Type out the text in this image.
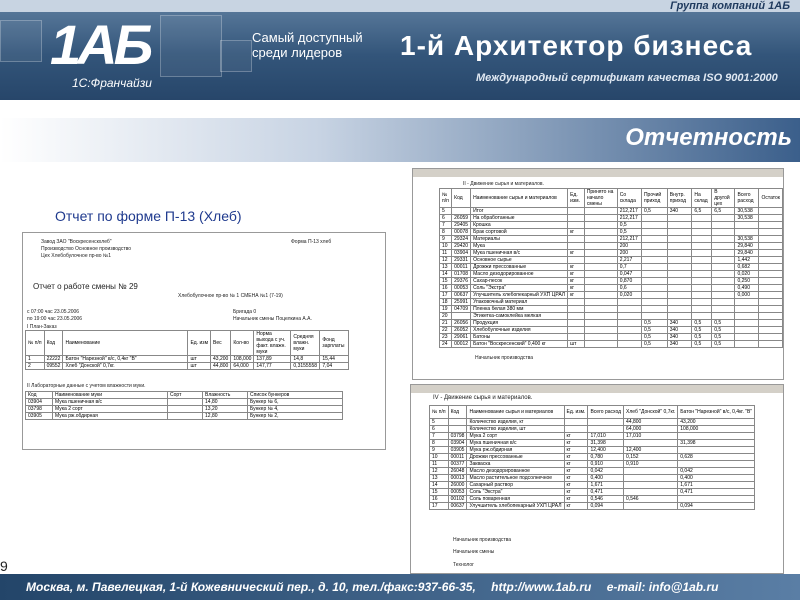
Группа компаний 1АБ
1АБ
1С:Франчайзи
Самый доступный
среди лидеров	1-й Архитектор бизнеса
Международный сертификат качества ISO 9001:2000
Отчетность
Отчет по форме П-13 (Хлеб)
Завод ЗАО "Воскресенскхлеб"
Производство Основное производство
Цех Хлебобулочное пр-во №1
Форма П-13 хлеб
Отчет о работе смены № 29
Хлебобулочное пр-во № 1 СМЕНА №1 (7-19)
с 07:00 час 23.05.2006
по 19:00 час 23.05.2006
Бригада 0
Начальник смены Поцелкина А.А.
I План-Заказ
№ п/п	Код	Наименование	Ед. изм	Вес	Кол-во	Норма выхода с уч. факт. влажн. муки	Средняя влажн. муки	Фонд зарплаты
1	22222	Батон "Нарезной" в/с, 0,4кг "В"	шт	43,200	108,000	137,89	14,8	15,44
2	09552	Хлеб "Донской" 0,7кг.	шт	44,800	64,000	147,77	0,3155558	7,04
II Лабораторные данные с учетом влажности муки.
Код	Наименование муки	Сорт	Влажность	Список бункеров
03904	Мука пшеничная в/с		14,80	Бункер № 6,
03798	Мука 2 сорт		13,20	Бункер № 4,
03905	Мука рж.обдирная		12,80	Бункер № 2,
II - Движение сырья и материалов.
№ п/п	Код	Наименование сырья и материалов	Ед. изм.	Принято на начало смены	Со склада	Прочий приход	Внутр. приход	На склад	В другой цех	Всего расход	Остаток
5		Итог			212,217	0,5	340	6,5	6,5	30,538	
6	26059	На обработанные			212,217					30,538	
7	29405	Крошка			0,5						
8	00078	Брак сортовой	кг		0,5						
9	29324	Материалы			212,217					30,538	
10	29420	Мука			200					29,840	
11	03904	Мука пшеничная в/с	кг		200					29,840	
12	29331	Основное сырье			2,217					1,442	
13	00011	Дрожжи прессованные	кг		0,7					0,682	
14	01708	Масло дезодорированное	кг		0,047					0,020	
15	29376	Сахар-песок	кг		0,870					0,250	
16	00053	Соль "Экстра"	кг		0,6					0,490	
17	00637	Улучшитель хлебопекарный УХП ЦРАЛ	кг		0,020					0,000	
18	25991	Упаковочный материал									
19	04709	Пленка белая 380 мм									
20		Этикетка-самоклейка мелкая									
21	26056	Продукция				0,5	340	0,5	0,5		
22	26052	Хлебобулочные изделия				0,5	340	0,5	0,5		
23	29061	Батоны				0,5	340	0,5	0,5		
24	00012	Батон "Воскресенский" 0,400 кг	шт			0,5	340	0,5	0,5		
Начальник производства
IV - Движение сырья и материалов.
№ п/п	Код	Наименование сырья и материалов	Ед. изм.	Всего расход	Хлеб "Донской" 0,7кг.	Батон "Нарезной" в/с, 0,4кг. "В"
5		Количество изделия, кг			44,800	43,200
6		Количество изделия, шт			64,000	108,000
7	03798	Мука 2 сорт	кг	17,010	17,010	
8	03904	Мука пшеничная в/с	кг	31,398		31,398
9	03905	Мука рж.обдирная	кг	12,400	12,400	
10	00011	Дрожжи прессованные	кг	0,780	0,152	0,628
11	00377	Закваска	кг	0,910	0,910	
12	26048	Масло дезодорированное	кг	0,042		0,042
13	00013	Масло растительное подсолнечное	кг	0,400		0,400
14	26000	Сахарный раствор	кг	1,671		1,671
15	00053	Соль "Экстра"	кг	0,471		0,471
16	00102	Соль поваренная	кг	0,546	0,546	
17	00637	Улучшитель хлебопекарный УХП ЦРАЛ	кг	0,094		0,094
Начальник производства
Начальник смены
Технолог
9
Москва, м. Павелецкая, 1-й Кожевнический пер., д. 10, тел./факс:937-66-35, http://www.1ab.ru e-mail: info@1ab.ru
